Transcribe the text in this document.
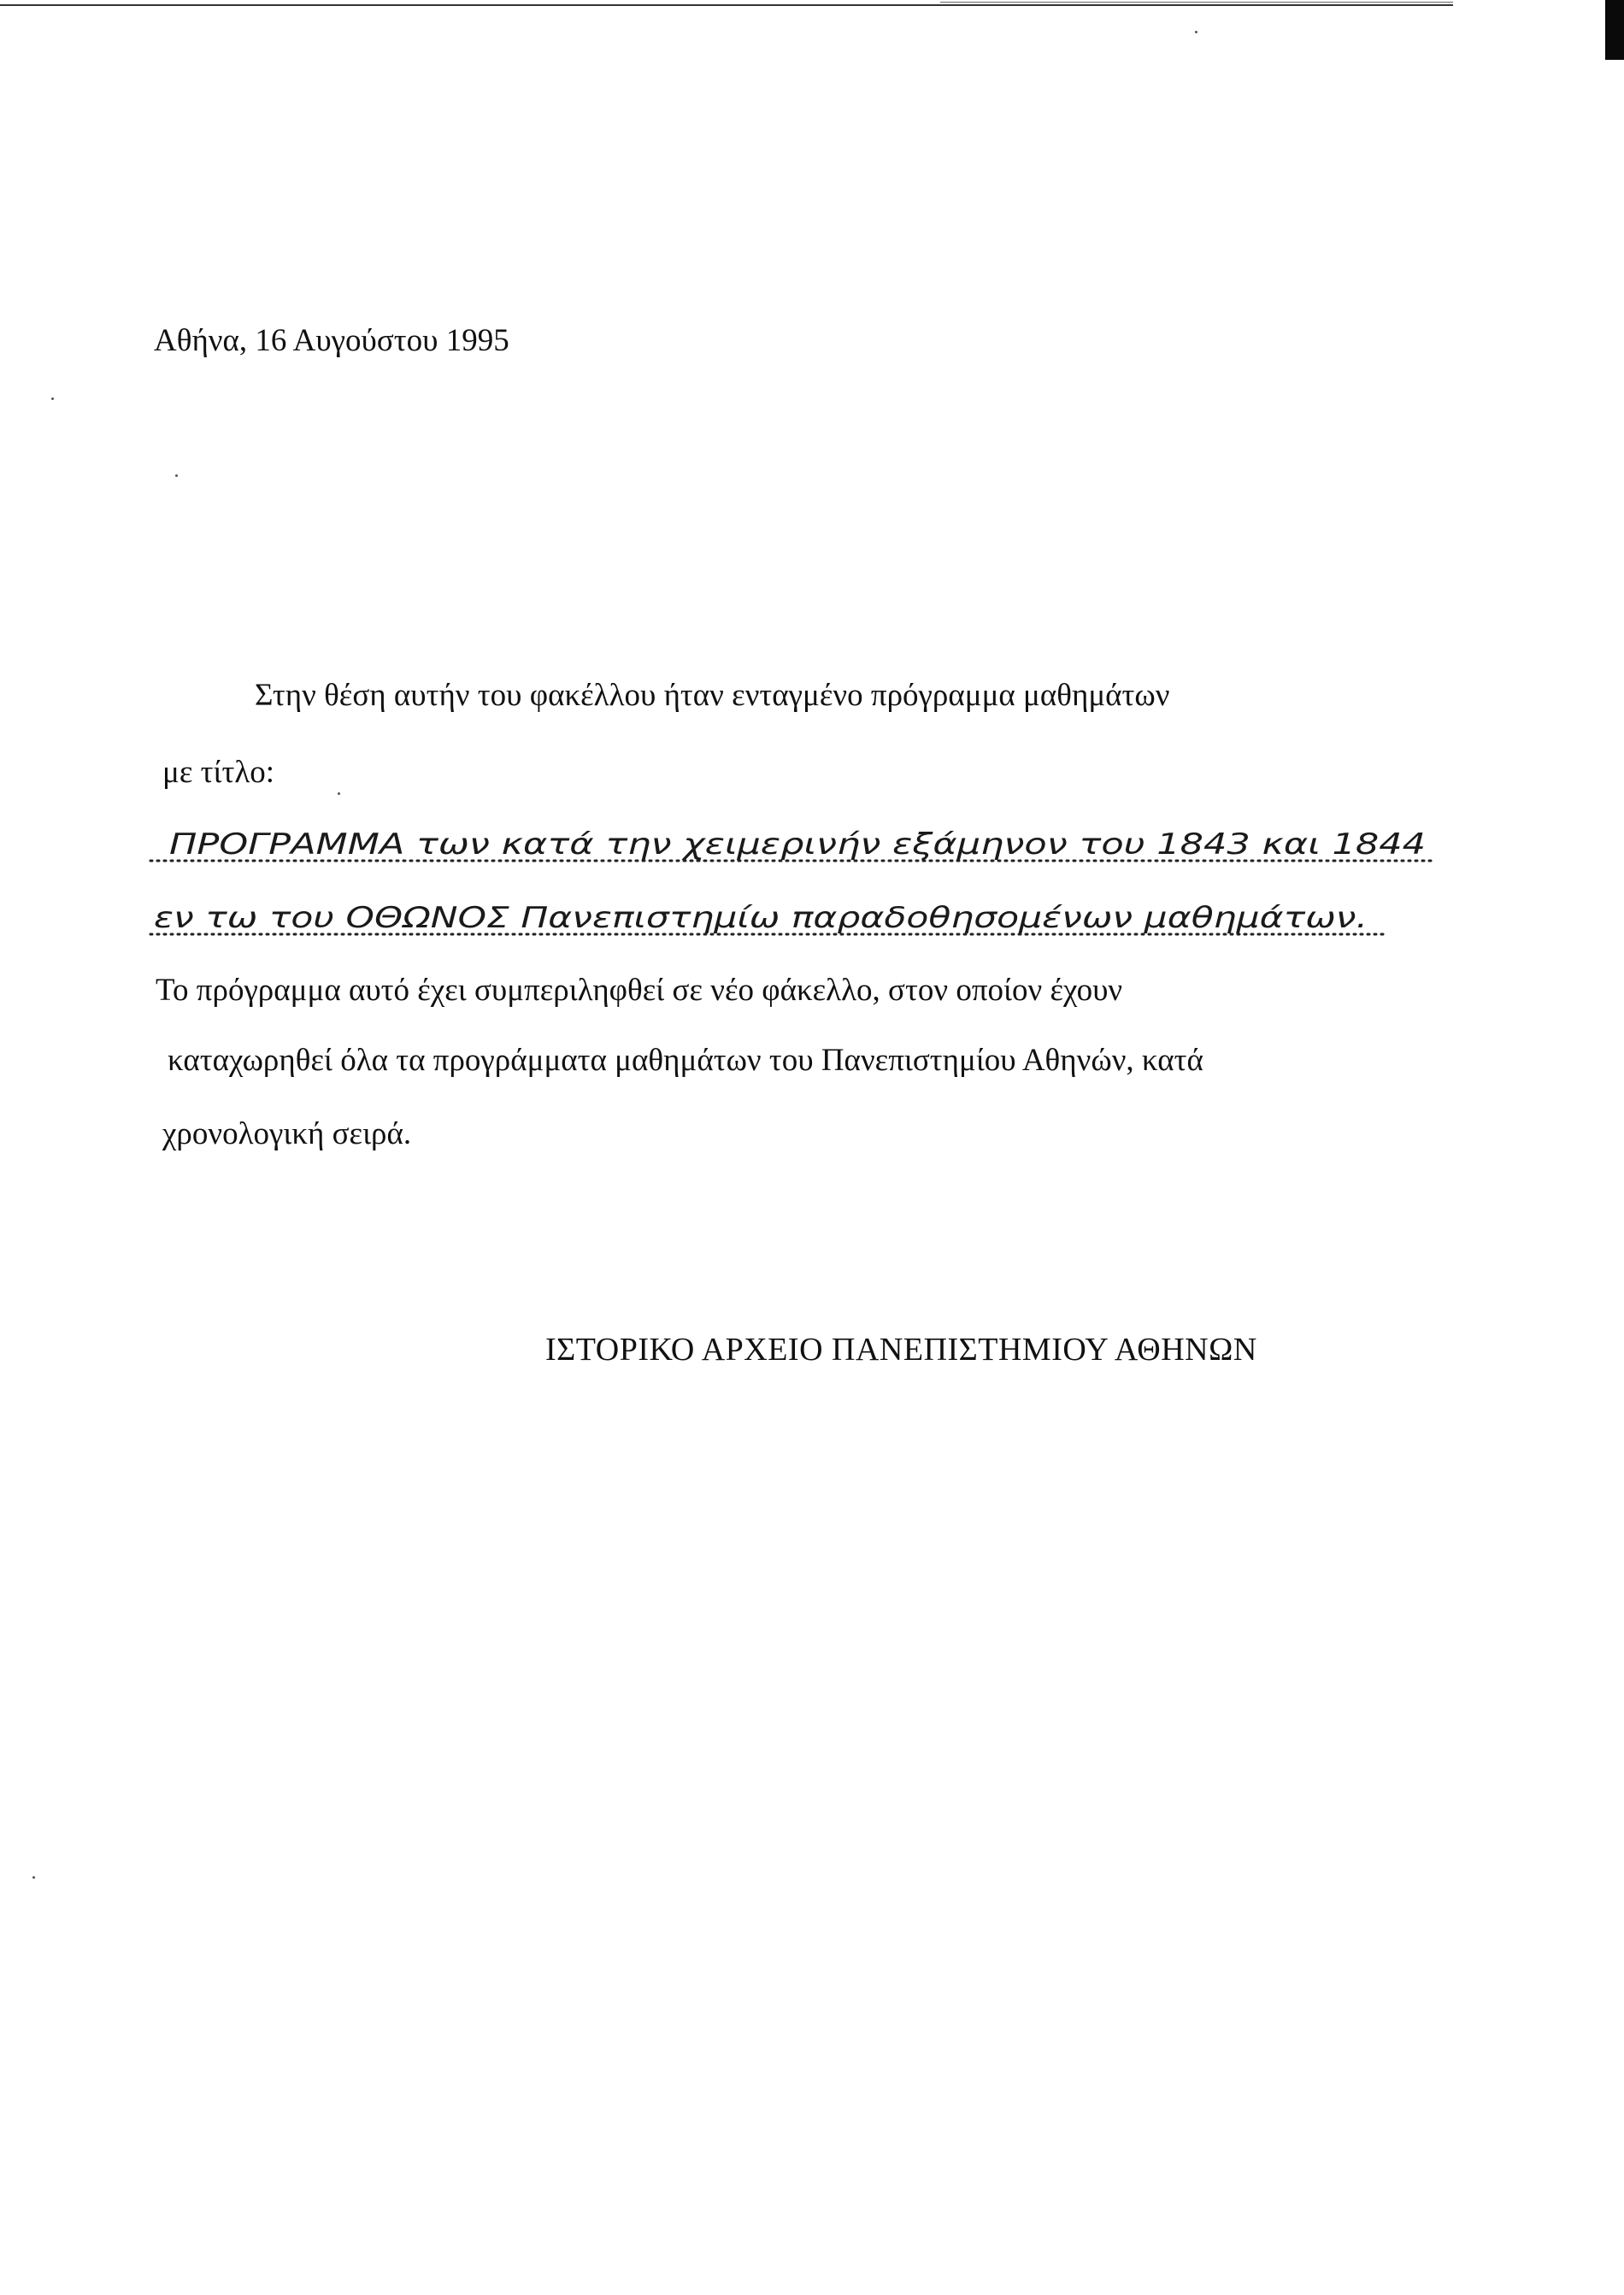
Αθήνα, 16 Αυγούστου 1995
Στην θέση αυτήν του φακέλλου ήταν ενταγμένο πρόγραμμα μαθημάτων
με τίτλο:
ΠΡΟΓΡΑΜΜΑ των κατά την χειμερινήν εξάμηνον του 1843 και 1844
εν τω του ΟΘΩΝΟΣ Πανεπιστημίω παραδοθησομένων μαθημάτων.
Το πρόγραμμα αυτό έχει συμπεριληφθεί σε νέο φάκελλο, στον οποίον έχουν
καταχωρηθεί όλα τα προγράμματα μαθημάτων του Πανεπιστημίου Αθηνών, κατά
χρονολογική σειρά.
ΙΣΤΟΡΙΚΟ ΑΡΧΕΙΟ ΠΑΝΕΠΙΣΤΗΜΙΟΥ ΑΘΗΝΩΝ
